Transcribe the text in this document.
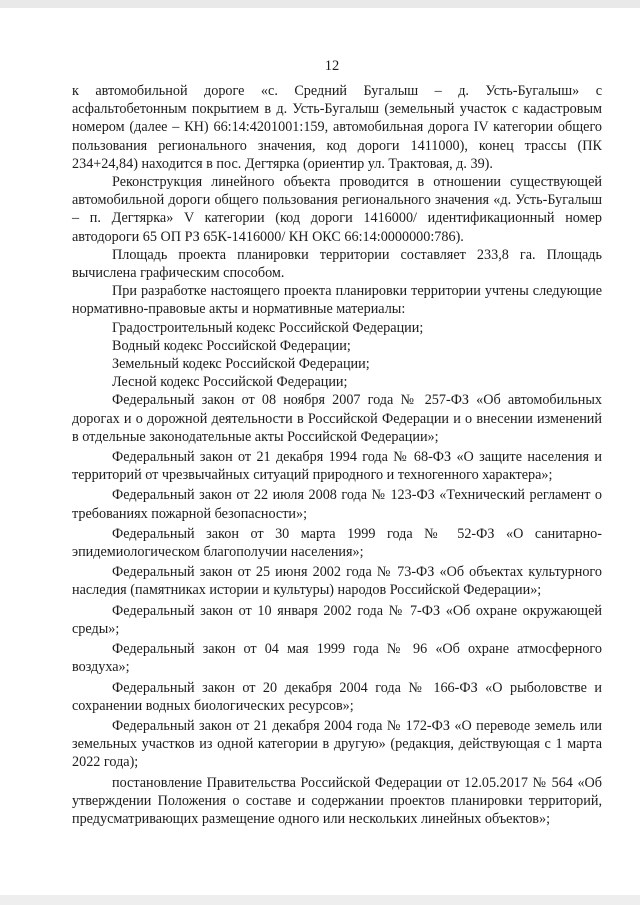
12

к автомобильной дороге «с. Средний Бугалыш – д. Усть-Бугалыш» с асфальтобетонным покрытием в д. Усть-Бугалыш (земельный участок с кадастровым номером (далее – КН) 66:14:4201001:159, автомобильная дорога IV категории общего пользования регионального значения, код дороги 1411000), конец трассы (ПК 234+24,84) находится в пос. Дегтярка (ориентир ул. Трактовая, д. 39).

Реконструкция линейного объекта проводится в отношении существующей автомобильной дороги общего пользования регионального значения «д. Усть-Бугалыш – п. Дегтярка» V категории (код дороги 1416000/ идентификационный номер автодороги 65 ОП РЗ 65К-1416000/ КН ОКС 66:14:0000000:786).

Площадь проекта планировки территории составляет 233,8 га. Площадь вычислена графическим способом.

При разработке настоящего проекта планировки территории учтены следующие нормативно-правовые акты и нормативные материалы:

Градостроительный кодекс Российской Федерации;

Водный кодекс Российской Федерации;

Земельный кодекс Российской Федерации;

Лесной кодекс Российской Федерации;

Федеральный закон от 08 ноября 2007 года № 257-ФЗ «Об автомобильных дорогах и о дорожной деятельности в Российской Федерации и о внесении изменений в отдельные законодательные акты Российской Федерации»;

Федеральный закон от 21 декабря 1994 года № 68-ФЗ «О защите населения и территорий от чрезвычайных ситуаций природного и техногенного характера»;

Федеральный закон от 22 июля 2008 года № 123-ФЗ «Технический регламент о требованиях пожарной безопасности»;

Федеральный закон от 30 марта 1999 года № 52-ФЗ «О санитарно-эпидемиологическом благополучии населения»;

Федеральный закон от 25 июня 2002 года № 73-ФЗ «Об объектах культурного наследия (памятниках истории и культуры) народов Российской Федерации»;

Федеральный закон от 10 января 2002 года № 7-ФЗ «Об охране окружающей среды»;

Федеральный закон от 04 мая 1999 года № 96 «Об охране атмосферного воздуха»;

Федеральный закон от 20 декабря 2004 года № 166-ФЗ «О рыболовстве и сохранении водных биологических ресурсов»;

Федеральный закон от 21 декабря 2004 года № 172-ФЗ «О переводе земель или земельных участков из одной категории в другую» (редакция, действующая с 1 марта 2022 года);

постановление Правительства Российской Федерации от 12.05.2017 № 564 «Об утверждении Положения о составе и содержании проектов планировки территорий, предусматривающих размещение одного или нескольких линейных объектов»;
